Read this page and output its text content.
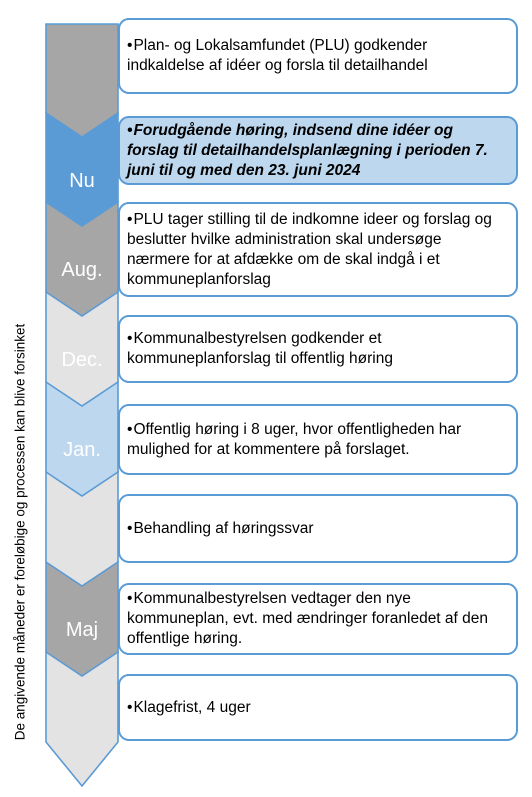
De angivende måneder er foreløbige og processen kan blive forsinket
•Plan- og Lokalsamfundet (PLU) godkender indkaldelse af idéer og forsla til detailhandel
Nu
•Forudgående høring, indsend dine idéer og forslag til detailhandelsplanlægning i perioden 7. juni til og med den 23. juni 2024
Aug.
•PLU tager stilling til de indkomne ideer og forslag og beslutter hvilke administration skal undersøge nærmere for at afdække om de skal indgå i et kommuneplanforslag
Dec.
•Kommunalbestyrelsen godkender et kommuneplanforslag til offentlig høring
Jan.
•Offentlig høring i 8 uger, hvor offentligheden har mulighed for at kommentere på forslaget.
•Behandling af høringssvar
Maj
•Kommunalbestyrelsen vedtager den nye kommuneplan, evt. med ændringer foranledet af den offentlige høring.
•Klagefrist, 4 uger
